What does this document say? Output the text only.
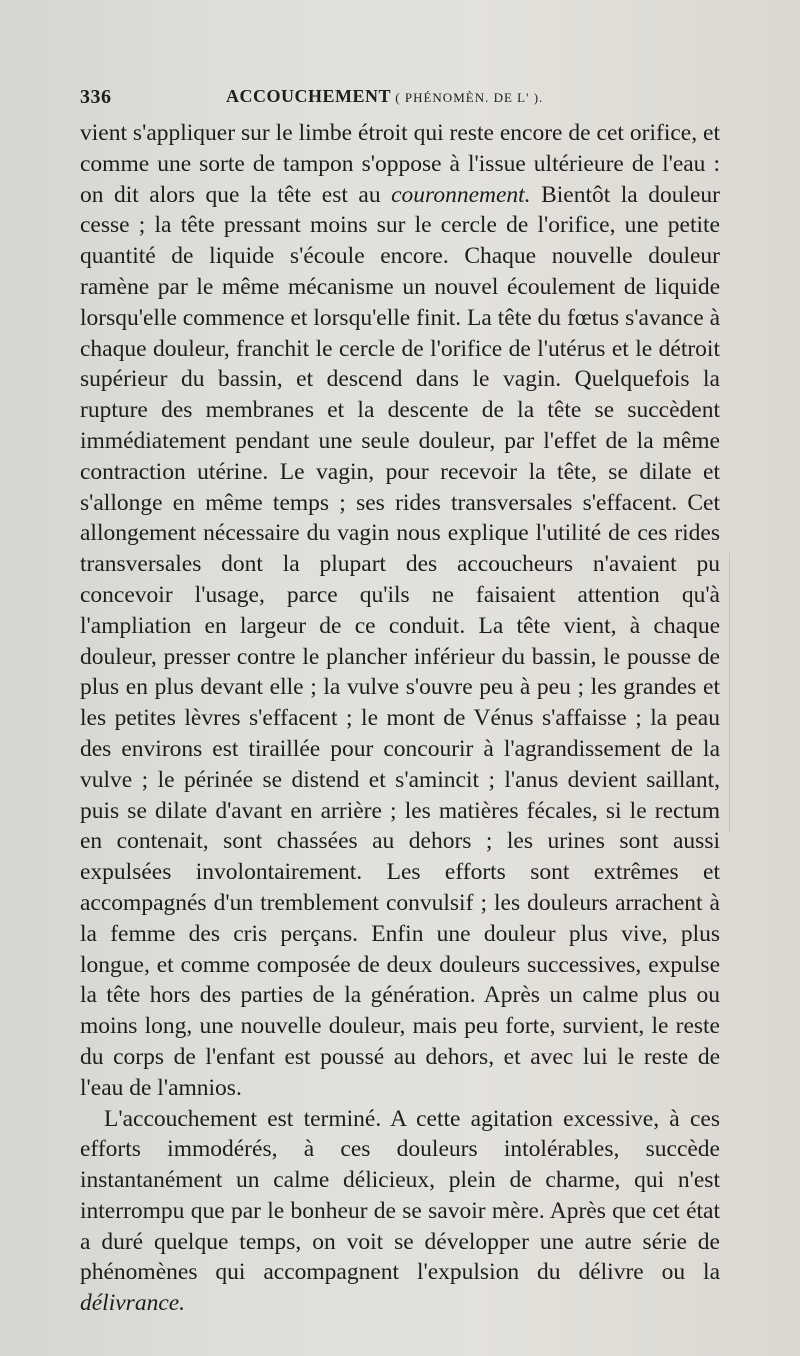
336	ACCOUCHEMENT ( PHÉNOMÈN. DE L' ).

vient s'appliquer sur le limbe étroit qui reste encore de cet orifice, et comme une sorte de tampon s'oppose à l'issue ultérieure de l'eau : on dit alors que la tête est au couronnement. Bientôt la douleur cesse ; la tête pressant moins sur le cercle de l'orifice, une petite quantité de liquide s'écoule encore. Chaque nouvelle douleur ramène par le même mécanisme un nouvel écoulement de liquide lorsqu'elle commence et lorsqu'elle finit. La tête du fœtus s'avance à chaque douleur, franchit le cercle de l'orifice de l'utérus et le détroit supérieur du bassin, et descend dans le vagin. Quelquefois la rupture des membranes et la descente de la tête se succèdent immédiatement pendant une seule douleur, par l'effet de la même contraction utérine. Le vagin, pour recevoir la tête, se dilate et s'allonge en même temps ; ses rides transversales s'effacent. Cet allongement nécessaire du vagin nous explique l'utilité de ces rides transversales dont la plupart des accoucheurs n'avaient pu concevoir l'usage, parce qu'ils ne faisaient attention qu'à l'ampliation en largeur de ce conduit. La tête vient, à chaque douleur, presser contre le plancher inférieur du bassin, le pousse de plus en plus devant elle ; la vulve s'ouvre peu à peu ; les grandes et les petites lèvres s'effacent ; le mont de Vénus s'affaisse ; la peau des environs est tiraillée pour concourir à l'agrandissement de la vulve ; le périnée se distend et s'amincit ; l'anus devient saillant, puis se dilate d'avant en arrière ; les matières fécales, si le rectum en contenait, sont chassées au dehors ; les urines sont aussi expulsées involontairement. Les efforts sont extrêmes et accompagnés d'un tremblement convulsif ; les douleurs arrachent à la femme des cris perçans. Enfin une douleur plus vive, plus longue, et comme composée de deux douleurs successives, expulse la tête hors des parties de la génération. Après un calme plus ou moins long, une nouvelle douleur, mais peu forte, survient, le reste du corps de l'enfant est poussé au dehors, et avec lui le reste de l'eau de l'amnios.

L'accouchement est terminé. A cette agitation excessive, à ces efforts immodérés, à ces douleurs intolérables, succède instantanément un calme délicieux, plein de charme, qui n'est interrompu que par le bonheur de se savoir mère. Après que cet état a duré quelque temps, on voit se développer une autre série de phénomènes qui accompagnent l'expulsion du délivre ou la délivrance.
